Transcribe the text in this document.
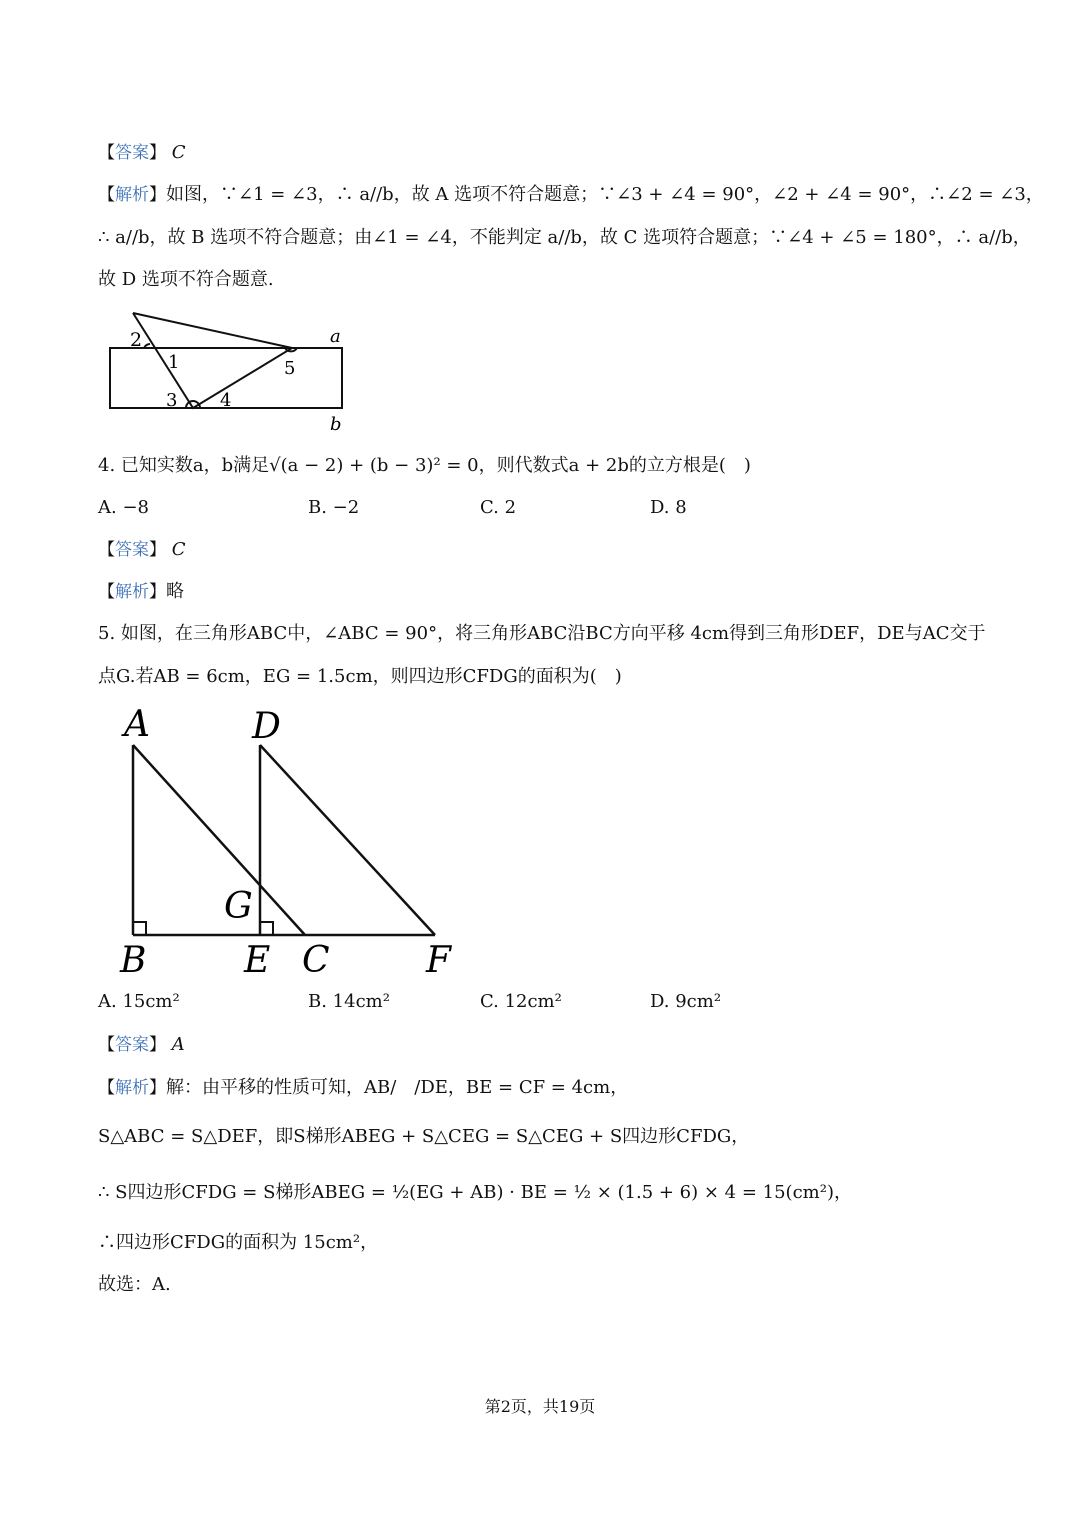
【答案】 C
【解析】如图，∵∠1 = ∠3，∴ a//b，故 A 选项不符合题意；∵∠3 + ∠4 = 90°，∠2 + ∠4 = 90°，∴∠2 = ∠3，
∴ a//b，故 B 选项不符合题意；由∠1 = ∠4，不能判定 a//b，故 C 选项符合题意；∵∠4 + ∠5 = 180°，∴ a//b，
故 D 选项不符合题意.
2
1	5
3 4
a
b
4. 已知实数a，b满足√(a − 2) + (b − 3)² = 0，则代数式a + 2b的立方根是(　)
A. −8	B. −2	C. 2	D. 8
【答案】 C
【解析】略
5. 如图，在三角形ABC中，∠ABC = 90°，将三角形ABC沿BC方向平移 4cm得到三角形DEF，DE与AC交于
点G.若AB = 6cm，EG = 1.5cm，则四边形CFDG的面积为(　)
A	D
G
B	E C	F
A. 15cm²	B. 14cm²	C. 12cm²	D. 9cm²
【答案】 A
【解析】解：由平移的性质可知，AB/　/DE，BE = CF = 4cm，
S△ABC = S△DEF，即S梯形ABEG + S△CEG = S△CEG + S四边形CFDG，
∴ S四边形CFDG = S梯形ABEG = ½(EG + AB) · BE = ½ × (1.5 + 6) × 4 = 15(cm²)，
∴四边形CFDG的面积为 15cm²，
故选：A.
第2页，共19页
